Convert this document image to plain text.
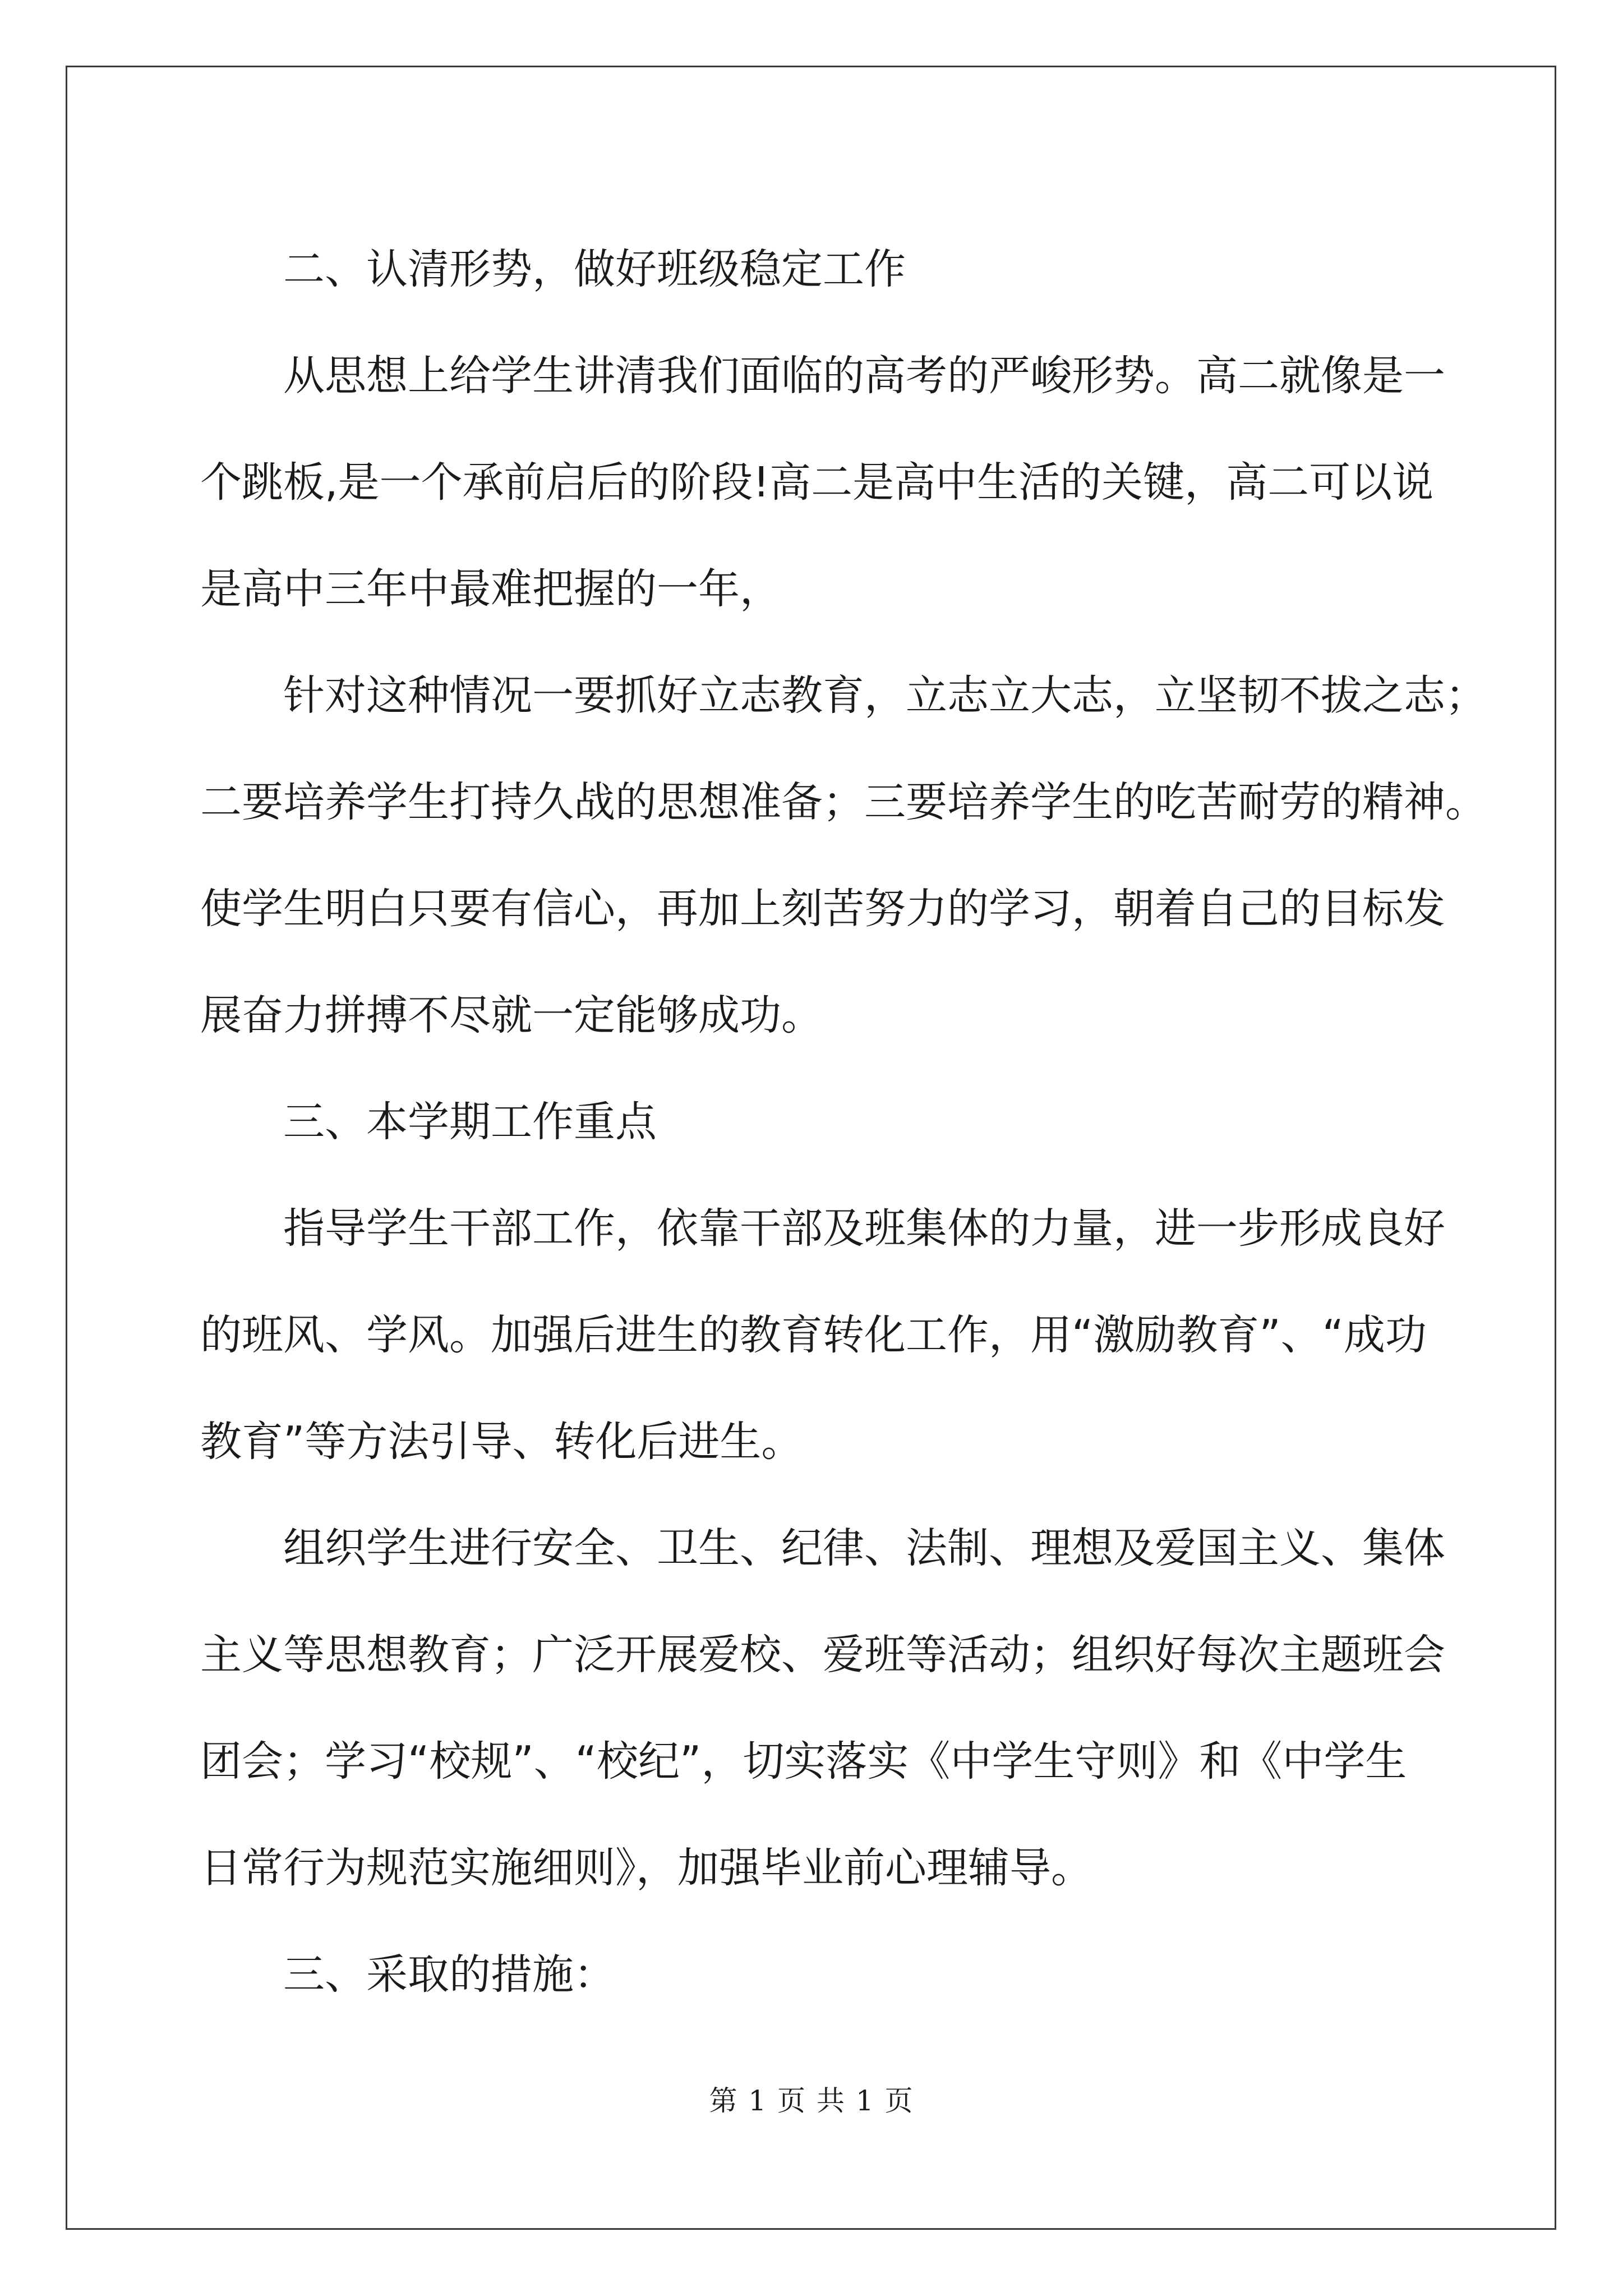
二、认清形势，做好班级稳定工作
从思想上给学生讲清我们面临的高考的严峻形势。高二就像是一
个跳板,是一个承前启后的阶段!高二是高中生活的关键，高二可以说
是高中三年中最难把握的一年，
针对这种情况一要抓好立志教育，立志立大志，立坚韧不拔之志；
二要培养学生打持久战的思想准备；三要培养学生的吃苦耐劳的精神。
使学生明白只要有信心，再加上刻苦努力的学习，朝着自己的目标发
展奋力拼搏不尽就一定能够成功。
三、本学期工作重点
指导学生干部工作，依靠干部及班集体的力量，进一步形成良好
的班风、学风。加强后进生的教育转化工作，用“激励教育”、“成功
教育”等方法引导、转化后进生。
组织学生进行安全、卫生、纪律、法制、理想及爱国主义、集体
主义等思想教育；广泛开展爱校、爱班等活动；组织好每次主题班会
团会；学习“校规”、“校纪”，切实落实《中学生守则》和《中学生
日常行为规范实施细则》，加强毕业前心理辅导。
三、采取的措施：
第 1 页 共 1 页
